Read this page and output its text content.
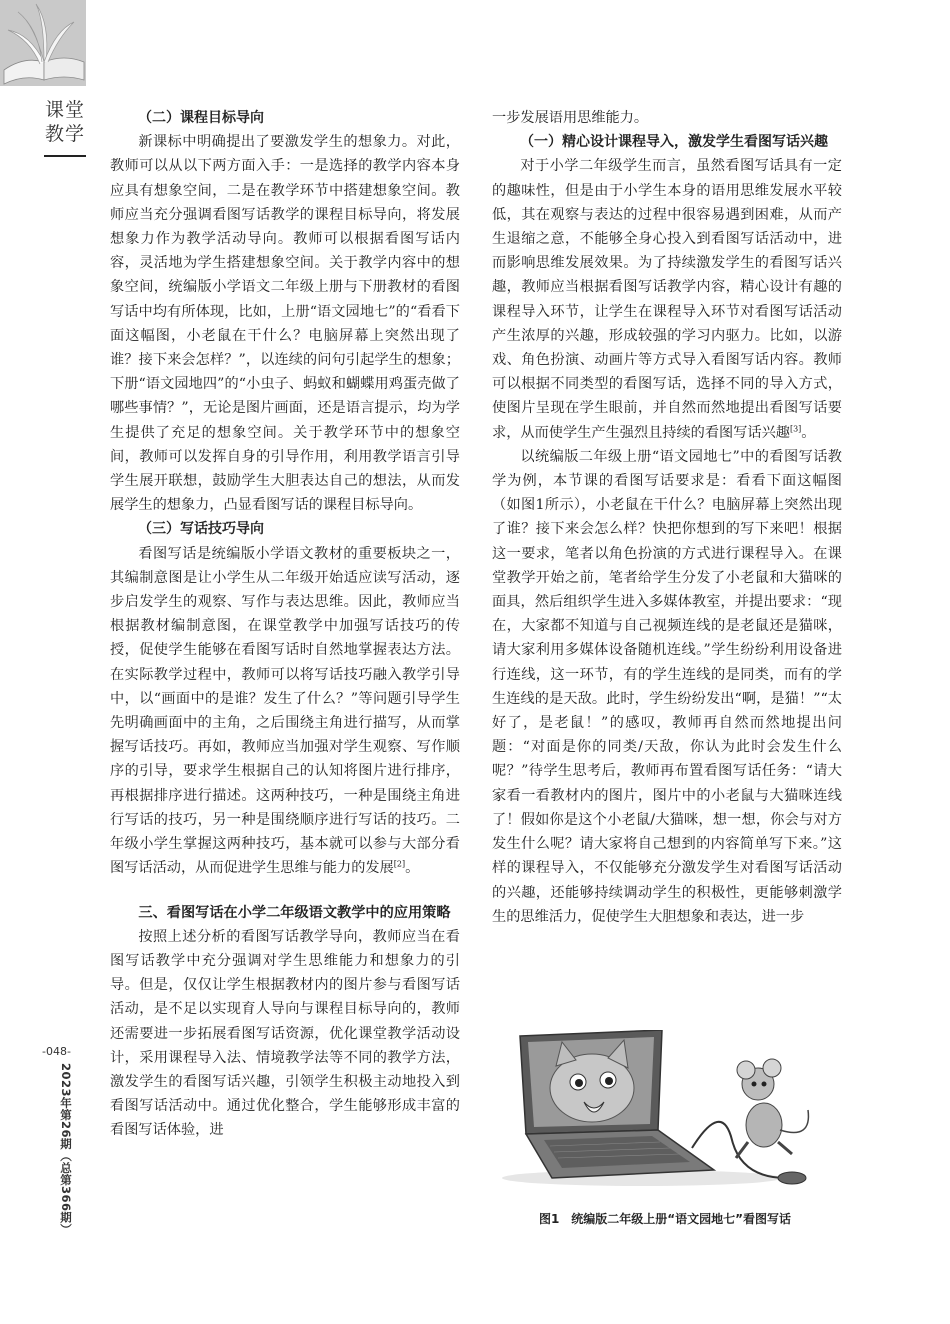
课堂
教学
-048-
2023年第26期（总第366期）

（二）课程目标导向

新课标中明确提出了要激发学生的想象力。对此，教师可以从以下两方面入手：一是选择的教学内容本身应具有想象空间，二是在教学环节中搭建想象空间。教师应当充分强调看图写话教学的课程目标导向，将发展想象力作为教学活动导向。教师可以根据看图写话内容，灵活地为学生搭建想象空间。关于教学内容中的想象空间，统编版小学语文二年级上册与下册教材的看图写话中均有所体现，比如，上册“语文园地七”的“看看下面这幅图，小老鼠在干什么？电脑屏幕上突然出现了谁？接下来会怎样？”，以连续的问句引起学生的想象；下册“语文园地四”的“小虫子、蚂蚁和蝴蝶用鸡蛋壳做了哪些事情？”，无论是图片画面，还是语言提示，均为学生提供了充足的想象空间。关于教学环节中的想象空间，教师可以发挥自身的引导作用，利用教学语言引导学生展开联想，鼓励学生大胆表达自己的想法，从而发展学生的想象力，凸显看图写话的课程目标导向。

（三）写话技巧导向

看图写话是统编版小学语文教材的重要板块之一，其编制意图是让小学生从二年级开始适应读写活动，逐步启发学生的观察、写作与表达思维。因此，教师应当根据教材编制意图，在课堂教学中加强写话技巧的传授，促使学生能够在看图写话时自然地掌握表达方法。在实际教学过程中，教师可以将写话技巧融入教学引导中，以“画面中的是谁？发生了什么？”等问题引导学生先明确画面中的主角，之后围绕主角进行描写，从而掌握写话技巧。再如，教师应当加强对学生观察、写作顺序的引导，要求学生根据自己的认知将图片进行排序，再根据排序进行描述。这两种技巧，一种是围绕主角进行写话的技巧，另一种是围绕顺序进行写话的技巧。二年级小学生掌握这两种技巧，基本就可以参与大部分看图写话活动，从而促进学生思维与能力的发展[2]。

三、看图写话在小学二年级语文教学中的应用策略

按照上述分析的看图写话教学导向，教师应当在看图写话教学中充分强调对学生思维能力和想象力的引导。但是，仅仅让学生根据教材内的图片参与看图写话活动，是不足以实现育人导向与课程目标导向的，教师还需要进一步拓展看图写话资源，优化课堂教学活动设计，采用课程导入法、情境教学法等不同的教学方法，激发学生的看图写话兴趣，引领学生积极主动地投入到看图写话活动中。通过优化整合，学生能够形成丰富的看图写话体验，进

一步发展语用思维能力。

（一）精心设计课程导入，激发学生看图写话兴趣

对于小学二年级学生而言，虽然看图写话具有一定的趣味性，但是由于小学生本身的语用思维发展水平较低，其在观察与表达的过程中很容易遇到困难，从而产生退缩之意，不能够全身心投入到看图写话活动中，进而影响思维发展效果。为了持续激发学生的看图写话兴趣，教师应当根据看图写话教学内容，精心设计有趣的课程导入环节，让学生在课程导入环节对看图写话活动产生浓厚的兴趣，形成较强的学习内驱力。比如，以游戏、角色扮演、动画片等方式导入看图写话内容。教师可以根据不同类型的看图写话，选择不同的导入方式，使图片呈现在学生眼前，并自然而然地提出看图写话要求，从而使学生产生强烈且持续的看图写话兴趣[3]。

以统编版二年级上册“语文园地七”中的看图写话教学为例，本节课的看图写话要求是：看看下面这幅图（如图1所示），小老鼠在干什么？电脑屏幕上突然出现了谁？接下来会怎么样？快把你想到的写下来吧！根据这一要求，笔者以角色扮演的方式进行课程导入。在课堂教学开始之前，笔者给学生分发了小老鼠和大猫咪的面具，然后组织学生进入多媒体教室，并提出要求：“现在，大家都不知道与自己视频连线的是老鼠还是猫咪，请大家利用多媒体设备随机连线。”学生纷纷利用设备进行连线，这一环节，有的学生连线的是同类，而有的学生连线的是天敌。此时，学生纷纷发出“啊，是猫！”“太好了，是老鼠！”的感叹，教师再自然而然地提出问题：“对面是你的同类/天敌，你认为此时会发生什么呢？”待学生思考后，教师再布置看图写话任务：“请大家看一看教材内的图片，图片中的小老鼠与大猫咪连线了！假如你是这个小老鼠/大猫咪，想一想，你会与对方发生什么呢？请大家将自己想到的内容简单写下来。”这样的课程导入，不仅能够充分激发学生对看图写话活动的兴趣，还能够持续调动学生的积极性，更能够刺激学生的思维活力，促使学生大胆想象和表达，进一步

图1　统编版二年级上册“语文园地七”看图写话
